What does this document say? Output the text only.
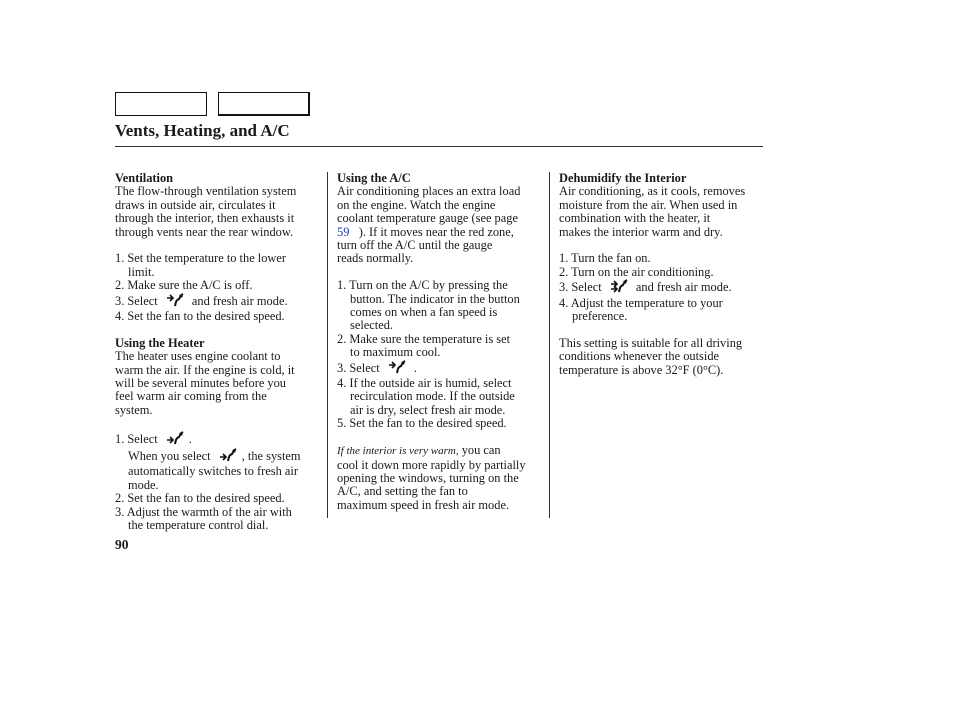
Vents, Heating, and A/C
Ventilation
The flow-through ventilation system
draws in outside air, circulates it
through the interior, then exhausts it
through vents near the rear window.
1. Set the temperature to the lower
limit.
2. Make sure the A/C is off.
3. Select	and fresh air mode.
4. Set the fan to the desired speed.
Using the Heater
The heater uses engine coolant to
warm the air. If the engine is cold, it
will be several minutes before you
feel warm air coming from the
system.
1. Select	.
When you select	, the system
automatically switches to fresh air
mode.
2. Set the fan to the desired speed.
3. Adjust the warmth of the air with
the temperature control dial.
Using the A/C
Air conditioning places an extra load
on the engine. Watch the engine
coolant temperature gauge (see page
59 ). If it moves near the red zone,
turn off the A/C until the gauge
reads normally.
1. Turn on the A/C by pressing the
button. The indicator in the button
comes on when a fan speed is
selected.
2. Make sure the temperature is set
to maximum cool.
3. Select	.
4. If the outside air is humid, select
recirculation mode. If the outside
air is dry, select fresh air mode.
5. Set the fan to the desired speed.
If the interior is very warm, you can
cool it down more rapidly by partially
opening the windows, turning on the
A/C, and setting the fan to
maximum speed in fresh air mode.
Dehumidify the Interior
Air conditioning, as it cools, removes
moisture from the air. When used in
combination with the heater, it
makes the interior warm and dry.
1. Turn the fan on.
2. Turn on the air conditioning.
3. Select	and fresh air mode.
4. Adjust the temperature to your
preference.
This setting is suitable for all driving
conditions whenever the outside
temperature is above 32°F (0°C).
90
